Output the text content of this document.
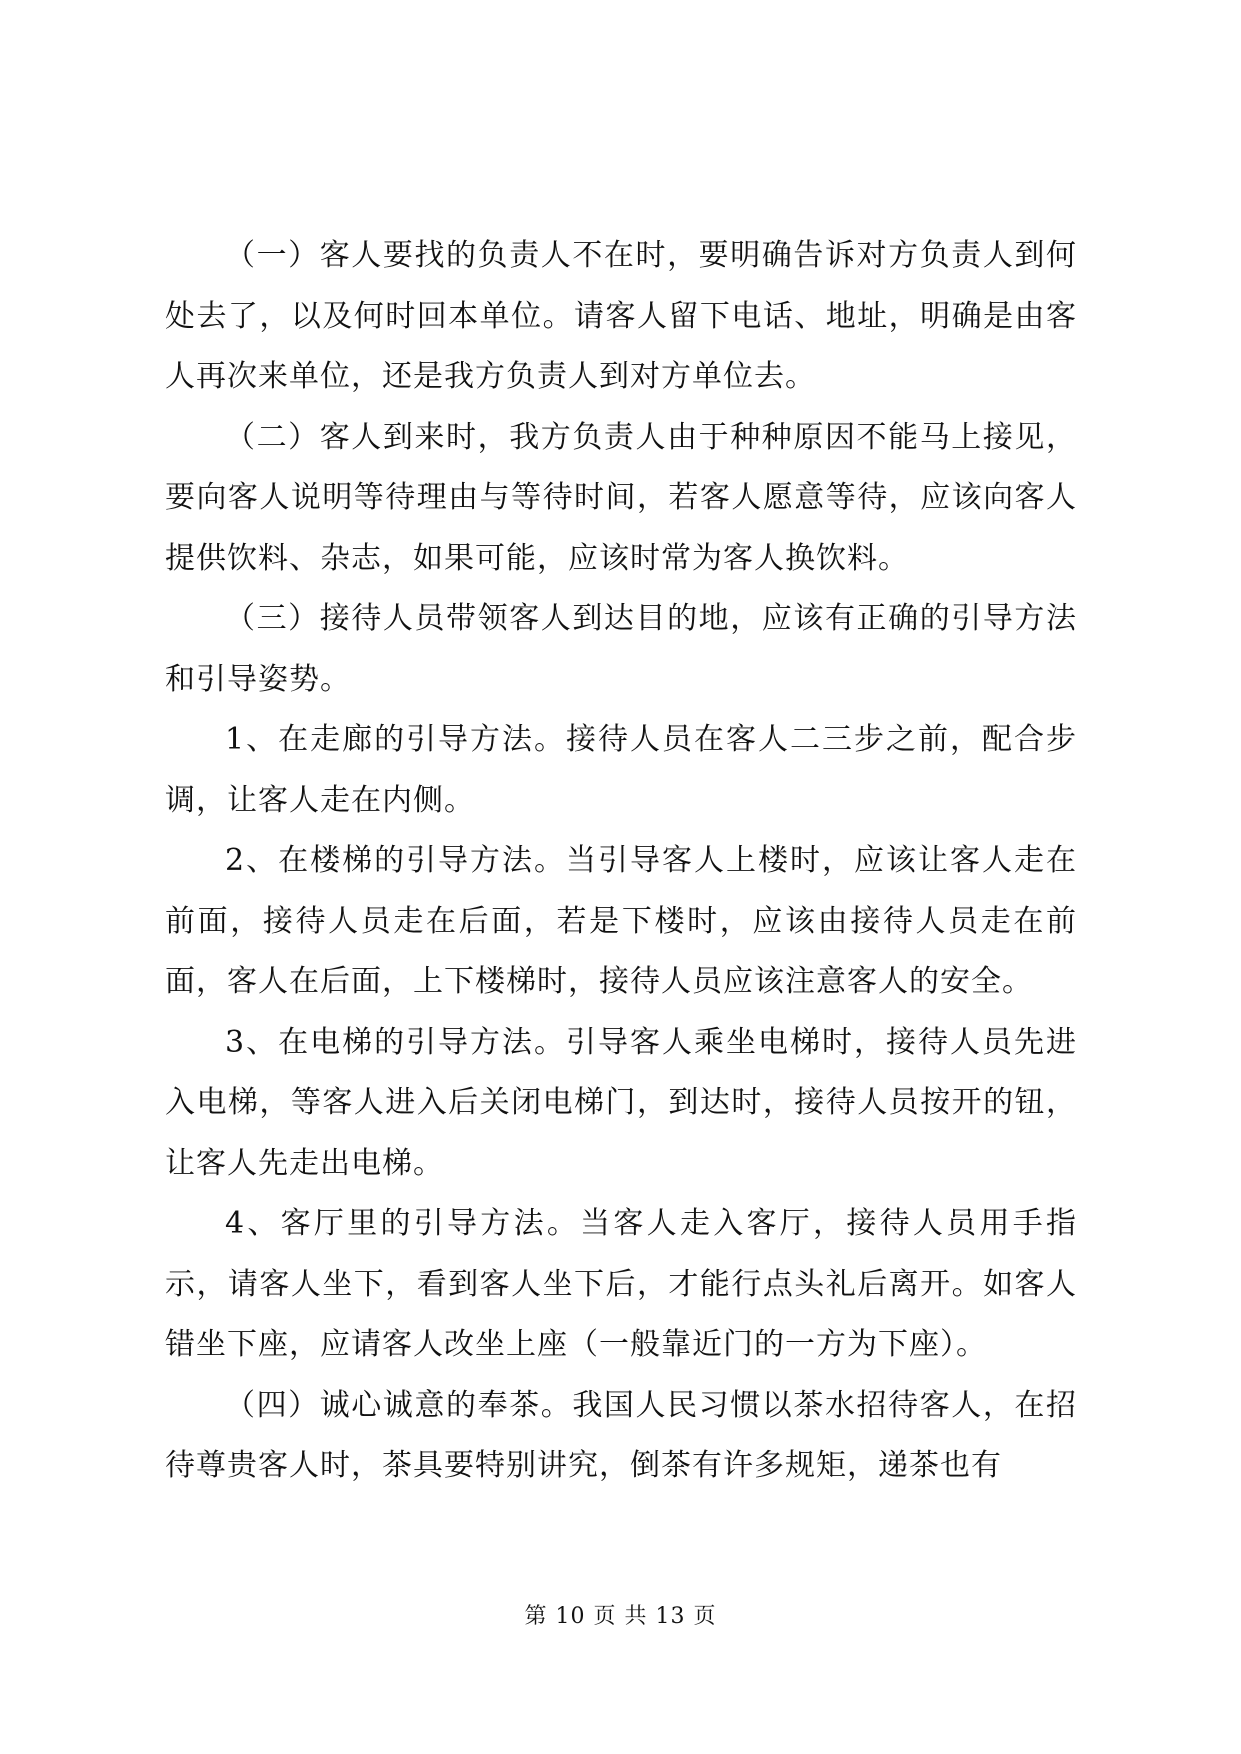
（一）客人要找的负责人不在时，要明确告诉对方负责人到何处去了，以及何时回本单位。请客人留下电话、地址，明确是由客人再次来单位，还是我方负责人到对方单位去。

（二）客人到来时，我方负责人由于种种原因不能马上接见，要向客人说明等待理由与等待时间，若客人愿意等待，应该向客人提供饮料、杂志，如果可能，应该时常为客人换饮料。

（三）接待人员带领客人到达目的地，应该有正确的引导方法和引导姿势。

1、在走廊的引导方法。接待人员在客人二三步之前，配合步调，让客人走在内侧。

2、在楼梯的引导方法。当引导客人上楼时，应该让客人走在前面，接待人员走在后面，若是下楼时，应该由接待人员走在前面，客人在后面，上下楼梯时，接待人员应该注意客人的安全。

3、在电梯的引导方法。引导客人乘坐电梯时，接待人员先进入电梯，等客人进入后关闭电梯门，到达时，接待人员按开的钮，让客人先走出电梯。

4、客厅里的引导方法。当客人走入客厅，接待人员用手指示，请客人坐下，看到客人坐下后，才能行点头礼后离开。如客人错坐下座，应请客人改坐上座（一般靠近门的一方为下座）。

（四）诚心诚意的奉茶。我国人民习惯以茶水招待客人，在招待尊贵客人时，茶具要特别讲究，倒茶有许多规矩，递茶也有

第 10 页 共 13 页
